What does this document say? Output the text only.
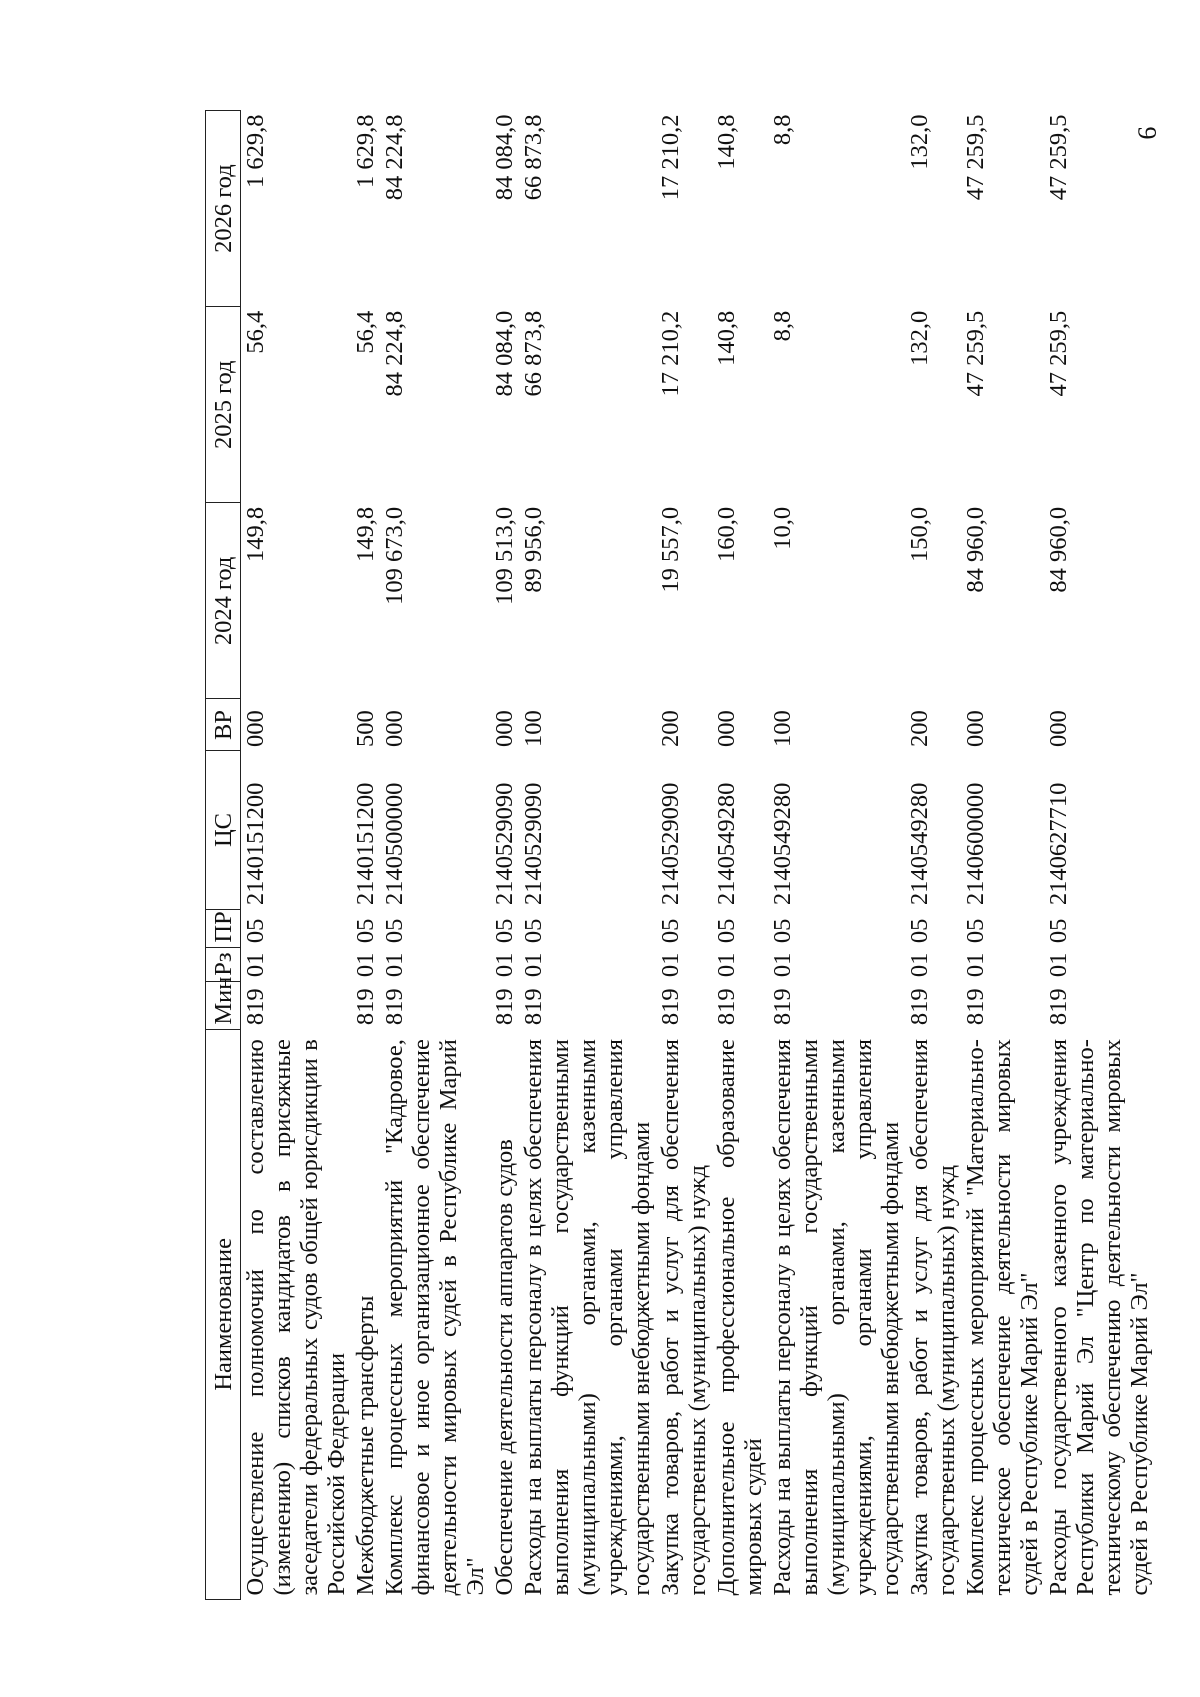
9
Наименование	Мин	Рз	ПР	ЦС	ВР	2024 год	2025 год	2026 год
Осуществление полномочий по составлению (изменению) списков кандидатов в присяжные заседатели федеральных судов общей юрисдикции в Российской Федерации	819	01	05	2140151200	000	149,8	56,4	1 629,8
Межбюджетные трансферты	819	01	05	2140151200	500	149,8	56,4	1 629,8
Комплекс процессных мероприятий "Кадровое, финансовое и иное организационное обеспечение деятельности мировых судей в Республике Марий Эл"	819	01	05	2140500000	000	109 673,0	84 224,8	84 224,8
Обеспечение деятельности аппаратов судов	819	01	05	2140529090	000	109 513,0	84 084,0	84 084,0
Расходы на выплаты персоналу в целях обеспечения выполнения функций государственными (муниципальными) органами, казенными учреждениями, органами управления государственными внебюджетными фондами	819	01	05	2140529090	100	89 956,0	66 873,8	66 873,8
Закупка товаров, работ и услуг для обеспечения государственных (муниципальных) нужд	819	01	05	2140529090	200	19 557,0	17 210,2	17 210,2
Дополнительное профессиональное образование мировых судей	819	01	05	2140549280	000	160,0	140,8	140,8
Расходы на выплаты персоналу в целях обеспечения выполнения функций государственными (муниципальными) органами, казенными учреждениями, органами управления государственными внебюджетными фондами	819	01	05	2140549280	100	10,0	8,8	8,8
Закупка товаров, работ и услуг для обеспечения государственных (муниципальных) нужд	819	01	05	2140549280	200	150,0	132,0	132,0
Комплекс процессных мероприятий "Материально-техническое обеспечение деятельности мировых судей в Республике Марий Эл"	819	01	05	2140600000	000	84 960,0	47 259,5	47 259,5
Расходы государственного казенного учреждения Республики Марий Эл "Центр по материально-техническому обеспечению деятельности мировых судей в Республике Марий Эл"	819	01	05	2140627710	000	84 960,0	47 259,5	47 259,5
